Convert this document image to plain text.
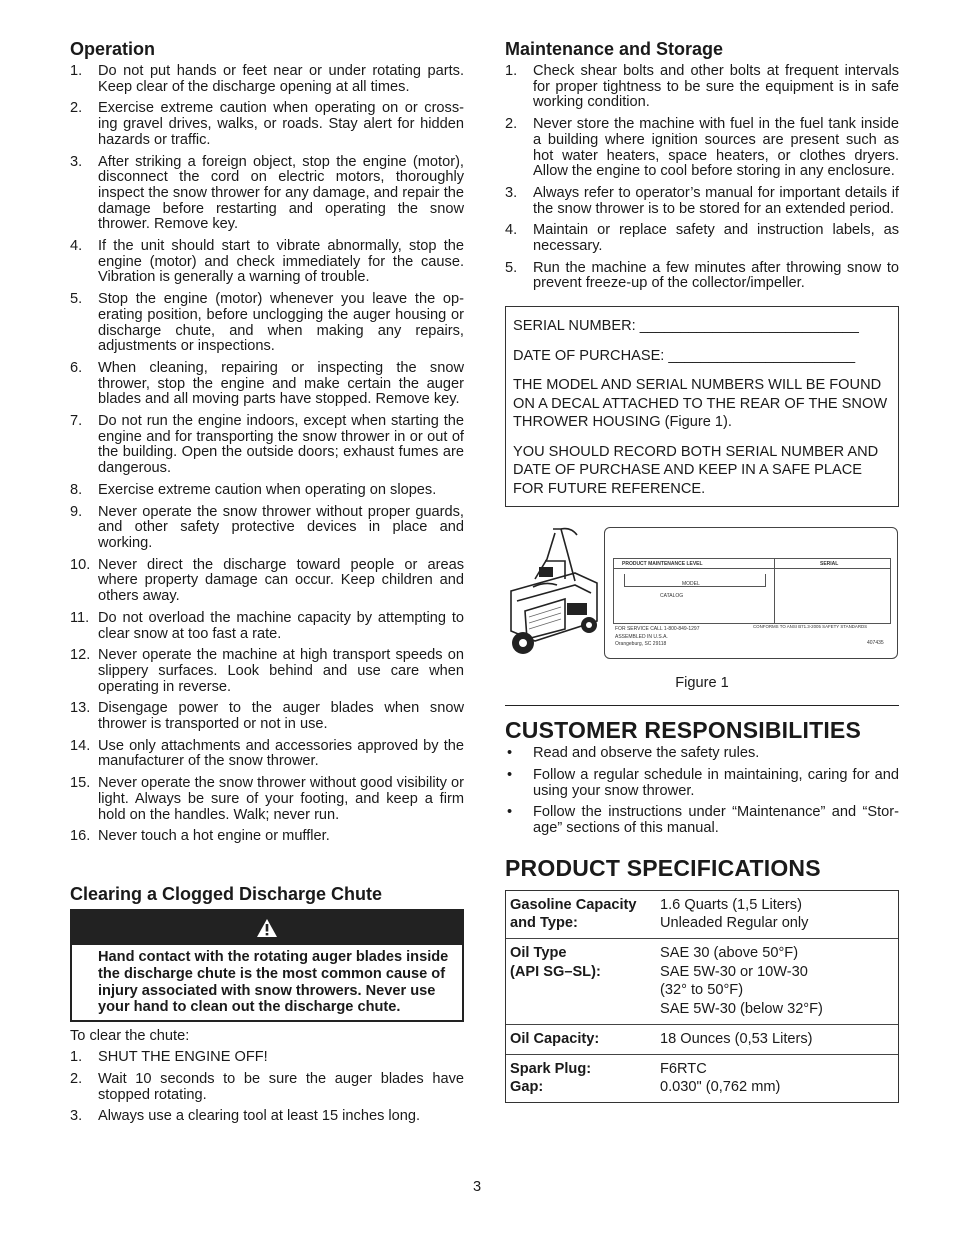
Operation
1. Do not put hands or feet near or under rotating parts. Keep clear of the discharge opening at all times.
2. Exercise extreme caution when operating on or cross-ing gravel drives, walks, or roads. Stay alert for hidden hazards or traffic.
3. After striking a foreign object, stop the engine (motor), disconnect the cord on electric motors, thoroughly inspect the snow thrower for any damage, and repair the damage before restarting and operating the snow thrower. Remove key.
4. If the unit should start to vibrate abnormally, stop the engine (motor) and check immediately for the cause. Vibration is generally a warning of trouble.
5. Stop the engine (motor) whenever you leave the op-erating position, before unclogging the auger housing or discharge chute, and when making any repairs, adjustments or inspections.
6. When cleaning, repairing or inspecting the snow thrower, stop the engine and make certain the auger blades and all moving parts have stopped. Remove key.
7. Do not run the engine indoors, except when starting the engine and for transporting the snow thrower in or out of the building. Open the outside doors; exhaust fumes are dangerous.
8. Exercise extreme caution when operating on slopes.
9. Never operate the snow thrower without proper guards, and other safety protective devices in place and working.
10. Never direct the discharge toward people or areas where property damage can occur. Keep children and others away.
11. Do not overload the machine capacity by attempting to clear snow at too fast a rate.
12. Never operate the machine at high transport speeds on slippery surfaces. Look behind and use care when operating in reverse.
13. Disengage power to the auger blades when snow thrower is transported or not in use.
14. Use only attachments and accessories approved by the manufacturer of the snow thrower.
15. Never operate the snow thrower without good visibility or light. Always be sure of your footing, and keep a firm hold on the handles. Walk; never run.
16. Never touch a hot engine or muffler.
Clearing a Clogged Discharge Chute
Hand contact with the rotating auger blades inside the discharge chute is the most common cause of injury associated with snow throwers. Never use your hand to clean out the discharge chute.
To clear the chute:
1. SHUT THE ENGINE OFF!
2. Wait 10 seconds to be sure the auger blades have stopped rotating.
3. Always use a clearing tool at least 15 inches long.
Maintenance and Storage
1. Check shear bolts and other bolts at frequent intervals for proper tightness to be sure the equipment is in safe working condition.
2. Never store the machine with fuel in the fuel tank inside a building where ignition sources are present such as hot water heaters, space heaters, or clothes dryers. Allow the engine to cool before storing in any enclosure.
3. Always refer to operator’s manual for important details if the snow thrower is to be stored for an extended period.
4. Maintain or replace safety and instruction labels, as necessary.
5. Run the machine a few minutes after throwing snow to prevent freeze-up of the collector/impeller.

SERIAL NUMBER: ___________________________

DATE OF PURCHASE: _______________________

THE MODEL AND SERIAL NUMBERS WILL BE FOUND ON A DECAL ATTACHED TO THE REAR OF THE SNOW THROWER HOUSING (Figure 1).

YOU SHOULD RECORD BOTH SERIAL NUMBER AND DATE OF PURCHASE AND KEEP IN A SAFE PLACE FOR FUTURE REFERENCE.

PRODUCT MAINTENANCE LEVEL	SERIAL
MODEL
CATALOG
FOR SERVICE CALL 1-800-849-1297
ASSEMBLED IN U.S.A.
Orangeburg, SC 29118
CONFORMS TO ANSI B71.3-2005 SAFETY STANDARDS
407435
Figure 1
CUSTOMER RESPONSIBILITIES
• Read and observe the safety rules.
• Follow a regular schedule in maintaining, caring for and using your snow thrower.
• Follow the instructions under “Maintenance” and “Stor-age” sections of this manual.
PRODUCT SPECIFICATIONS
Gasoline Capacity
and Type:
1.6 Quarts (1,5 Liters)
Unleaded Regular only
Oil Type
(API SG–SL):
SAE 30 (above 50°F)
SAE 5W-30 or 10W-30
(32° to 50°F)
SAE 5W-30 (below 32°F)
Oil Capacity:	18 Ounces (0,53 Liters)
Spark Plug:
Gap:
F6RTC
0.030" (0,762 mm)
3
